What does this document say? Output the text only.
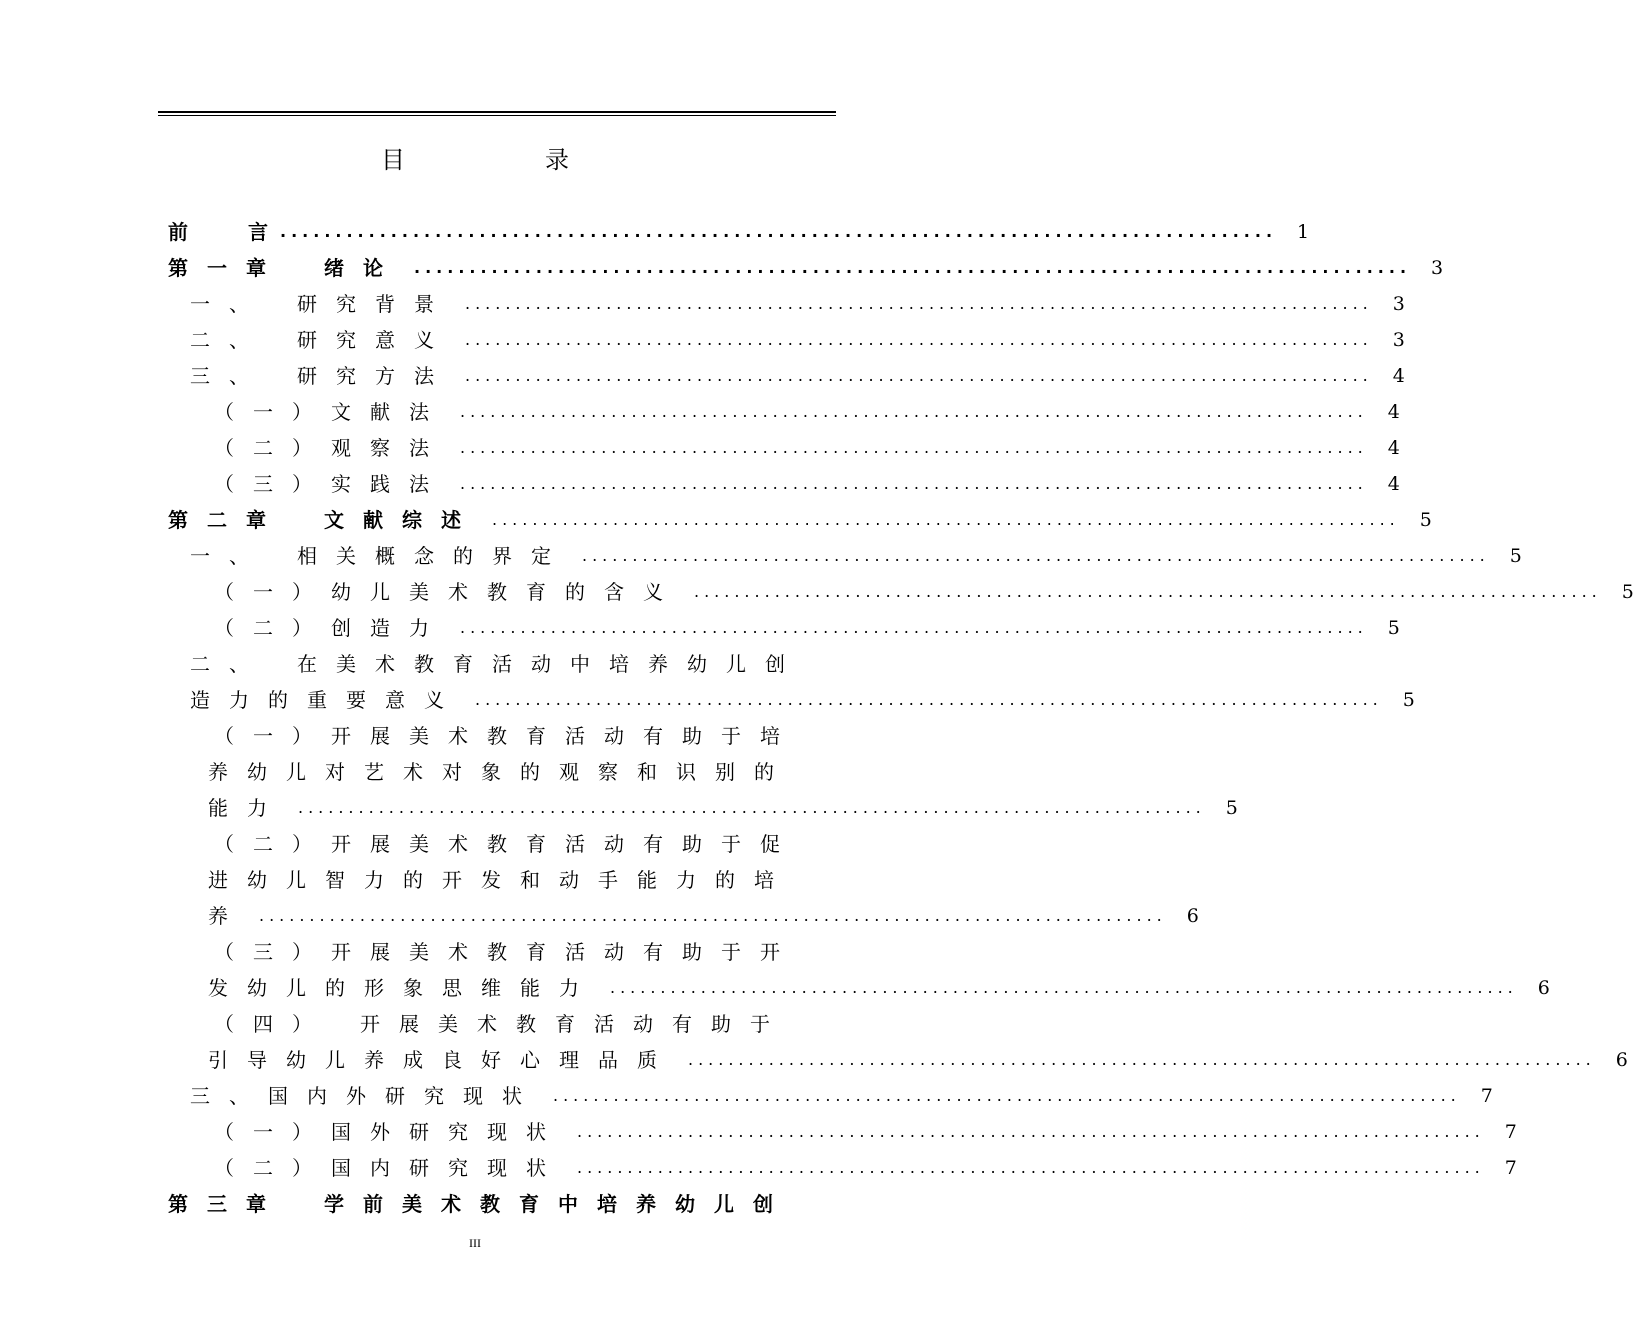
目　录
前　　　言 .......................................................................................... 1
第一章　绪论 .......................................................................................... 3
一、　研究背景 .......................................................................................... 3
二、　研究意义 .......................................................................................... 3
三、　研究方法 .......................................................................................... 4
（一）文献法 .......................................................................................... 4
（二）观察法 .......................................................................................... 4
（三）实践法 .......................................................................................... 4
第二章　文献综述 .......................................................................................... 5
一、　相关概念的界定 .......................................................................................... 5
（一）幼儿美术教育的含义 .......................................................................................... 5
（二）创造力 .......................................................................................... 5
二、　在美术教育活动中培养幼儿创
造力的重要意义 .......................................................................................... 5
（一）开展美术教育活动有助于培
养幼儿对艺术对象的观察和识别的
能力 .......................................................................................... 5
（二）开展美术教育活动有助于促
进幼儿智力的开发和动手能力的培
养 .......................................................................................... 6
（三）开展美术教育活动有助于开
发幼儿的形象思维能力 .......................................................................................... 6
（四）　开展美术教育活动有助于
引导幼儿养成良好心理品质 .......................................................................................... 6
三、国内外研究现状 .......................................................................................... 7
（一）国外研究现状 .......................................................................................... 7
（二）国内研究现状 .......................................................................................... 7
第三章　学前美术教育中培养幼儿创
III
